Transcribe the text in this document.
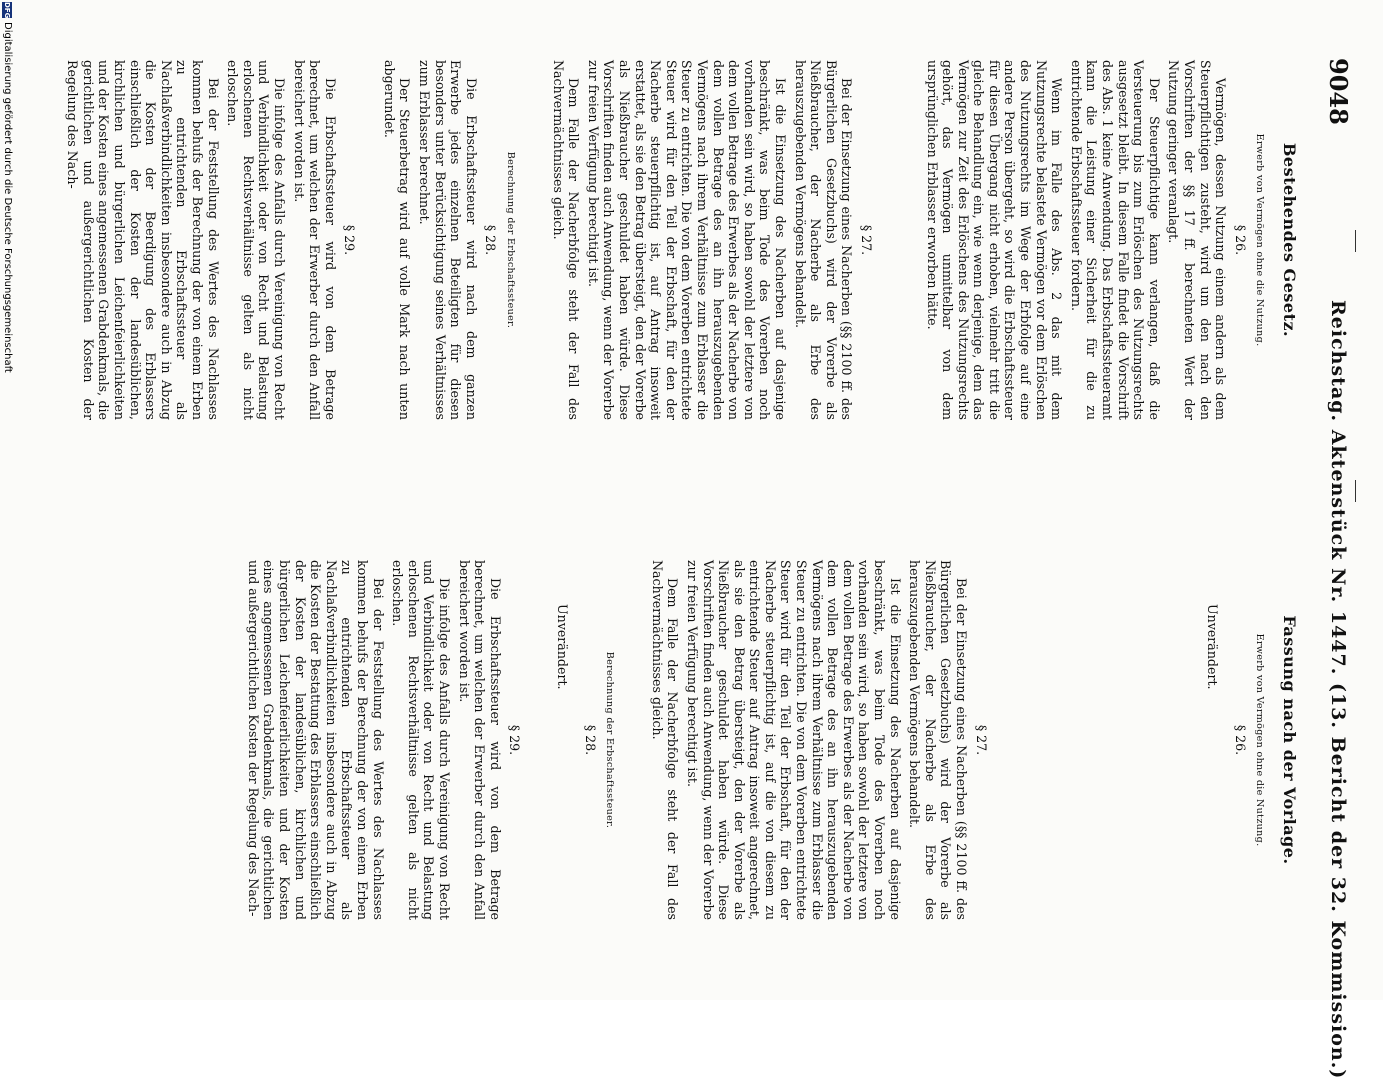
9048
Reichstag. Aktenstück Nr. 1447. (13. Bericht der 32. Kommission.)
Bestehendes Gesetz.
Erwerb von Vermögen ohne die Nutzung.
§ 26.

Vermögen, dessen Nutzung einem andern als dem Steuerpflichtigen zusteht, wird um den nach den Vorschriften der §§ 17 ff. berechneten Wert der Nutzung geringer veranlagt.

Der Steuerpflichtige kann verlangen, daß die Versteuerung bis zum Erlöschen des Nutzungsrechts ausgesetzt bleibt. In diesem Falle findet die Vorschrift des Abs. 1 keine Anwendung. Das Erbschaftssteueramt kann die Leistung einer Sicherheit für die zu entrichtende Erbschaftssteuer fordern.

Wenn im Falle des Abs. 2 das mit dem Nutzungsrechte belastete Vermögen vor dem Erlöschen des Nutzungsrechts im Wege der Erbfolge auf eine andere Person übergeht, so wird die Erbschaftssteuer für diesen Übergang nicht erhoben, vielmehr tritt die gleiche Behandlung ein, wie wenn derjenige, dem das Vermögen zur Zeit des Erlöschens des Nutzungsrechts gehört, das Vermögen unmittelbar von dem ursprünglichen Erblasser erworben hätte.

§ 27.

Bei der Einsetzung eines Nacherben (§§ 2100 ff. des Bürgerlichen Gesetzbuchs) wird der Vorerbe als Nießbraucher, der Nacherbe als Erbe des herauszugebenden Vermögens behandelt.

Ist die Einsetzung des Nacherben auf dasjenige beschränkt, was beim Tode des Vorerben noch vorhanden sein wird, so haben sowohl der letztere von dem vollen Betrage des Erwerbes als der Nacherbe von dem vollen Betrage des an ihn herauszugebenden Vermögens nach ihrem Verhältnisse zum Erblasser die Steuer zu entrichten. Die von dem Vorerben entrichtete Steuer wird für den Teil der Erbschaft, für den der Nacherbe steuerpflichtig ist, auf Antrag insoweit erstattet, als sie den Betrag übersteigt, den der Vorerbe als Nießbraucher geschuldet haben würde. Diese Vorschriften finden auch Anwendung, wenn der Vorerbe zur freien Verfügung berechtigt ist.

Dem Falle der Nacherbfolge steht der Fall des Nachvermächtnisses gleich.

Berechnung der Erbschaftssteuer.
§ 28.

Die Erbschaftssteuer wird nach dem ganzen Erwerbe jedes einzelnen Beteiligten für diesen besonders unter Berücksichtigung seines Verhältnisses zum Erblasser berechnet.

Der Steuerbetrag wird auf volle Mark nach unten abgerundet.

§ 29.

Die Erbschaftssteuer wird von dem Betrage berechnet, um welchen der Erwerber durch den Anfall bereichert worden ist.

Die infolge des Anfalls durch Vereinigung von Recht und Verbindlichkeit oder von Recht und Belastung erloschenen Rechtsverhältnisse gelten als nicht erloschen.

Bei der Feststellung des Wertes des Nachlasses kommen behufs der Berechnung der von einem Erben zu entrichtenden Erbschaftssteuer als Nachlaßverbindlichkeiten insbesondere auch in Abzug die Kosten der Beerdigung des Erblassers einschließlich der Kosten der landesüblichen, kirchlichen und bürgerlichen Leichenfeierlichkeiten und der Kosten eines angemessenen Grabdenkmals, die gerichtlichen und außergerichtlichen Kosten der Regelung des Nach-

Fassung nach der Vorlage.
Erwerb von Vermögen ohne die Nutzung.
§ 26.
Unverändert.
§ 27.

Bei der Einsetzung eines Nacherben (§§ 2100 ff. des Bürgerlichen Gesetzbuchs) wird der Vorerbe als Nießbraucher, der Nacherbe als Erbe des herauszugebenden Vermögens behandelt.

Ist die Einsetzung des Nacherben auf dasjenige beschränkt, was beim Tode des Vorerben noch vorhanden sein wird, so haben sowohl der letztere von dem vollen Betrage des Erwerbes als der Nacherbe von dem vollen Betrage des an ihn herauszugebenden Vermögens nach ihrem Verhältnisse zum Erblasser die Steuer zu entrichten. Die von dem Vorerben entrichtete Steuer wird für den Teil der Erbschaft, für den der Nacherbe steuerpflichtig ist, auf die von diesem zu entrichtende Steuer auf Antrag insoweit angerechnet, als sie den Betrag übersteigt, den der Vorerbe als Nießbraucher geschuldet haben würde. Diese Vorschriften finden auch Anwendung, wenn der Vorerbe zur freien Verfügung berechtigt ist.

Dem Falle der Nacherbfolge steht der Fall des Nachvermächtnisses gleich.

Berechnung der Erbschaftssteuer.
§ 28.
Unverändert.
§ 29.

Die Erbschaftssteuer wird von dem Betrage berechnet, um welchen der Erwerber durch den Anfall bereichert worden ist.

Die infolge des Anfalls durch Vereinigung von Recht und Verbindlichkeit oder von Recht und Belastung erloschenen Rechtsverhältnisse gelten als nicht erloschen.

Bei der Feststellung des Wertes des Nachlasses kommen behufs der Berechnung der von einem Erben zu entrichtenden Erbschaftssteuer als Nachlaßverbindlichkeiten insbesondere auch in Abzug die Kosten der Bestattung des Erblassers einschließlich der Kosten der landesüblichen, kirchlichen und bürgerlichen Leichenfeierlichkeiten und der Kosten eines angemessenen Grabdenkmals, die gerichtlichen und außergerichtlichen Kosten der Regelung des Nach-

DFG
Digitalisierung gefördert durch die Deutsche Forschungsgemeinschaft
